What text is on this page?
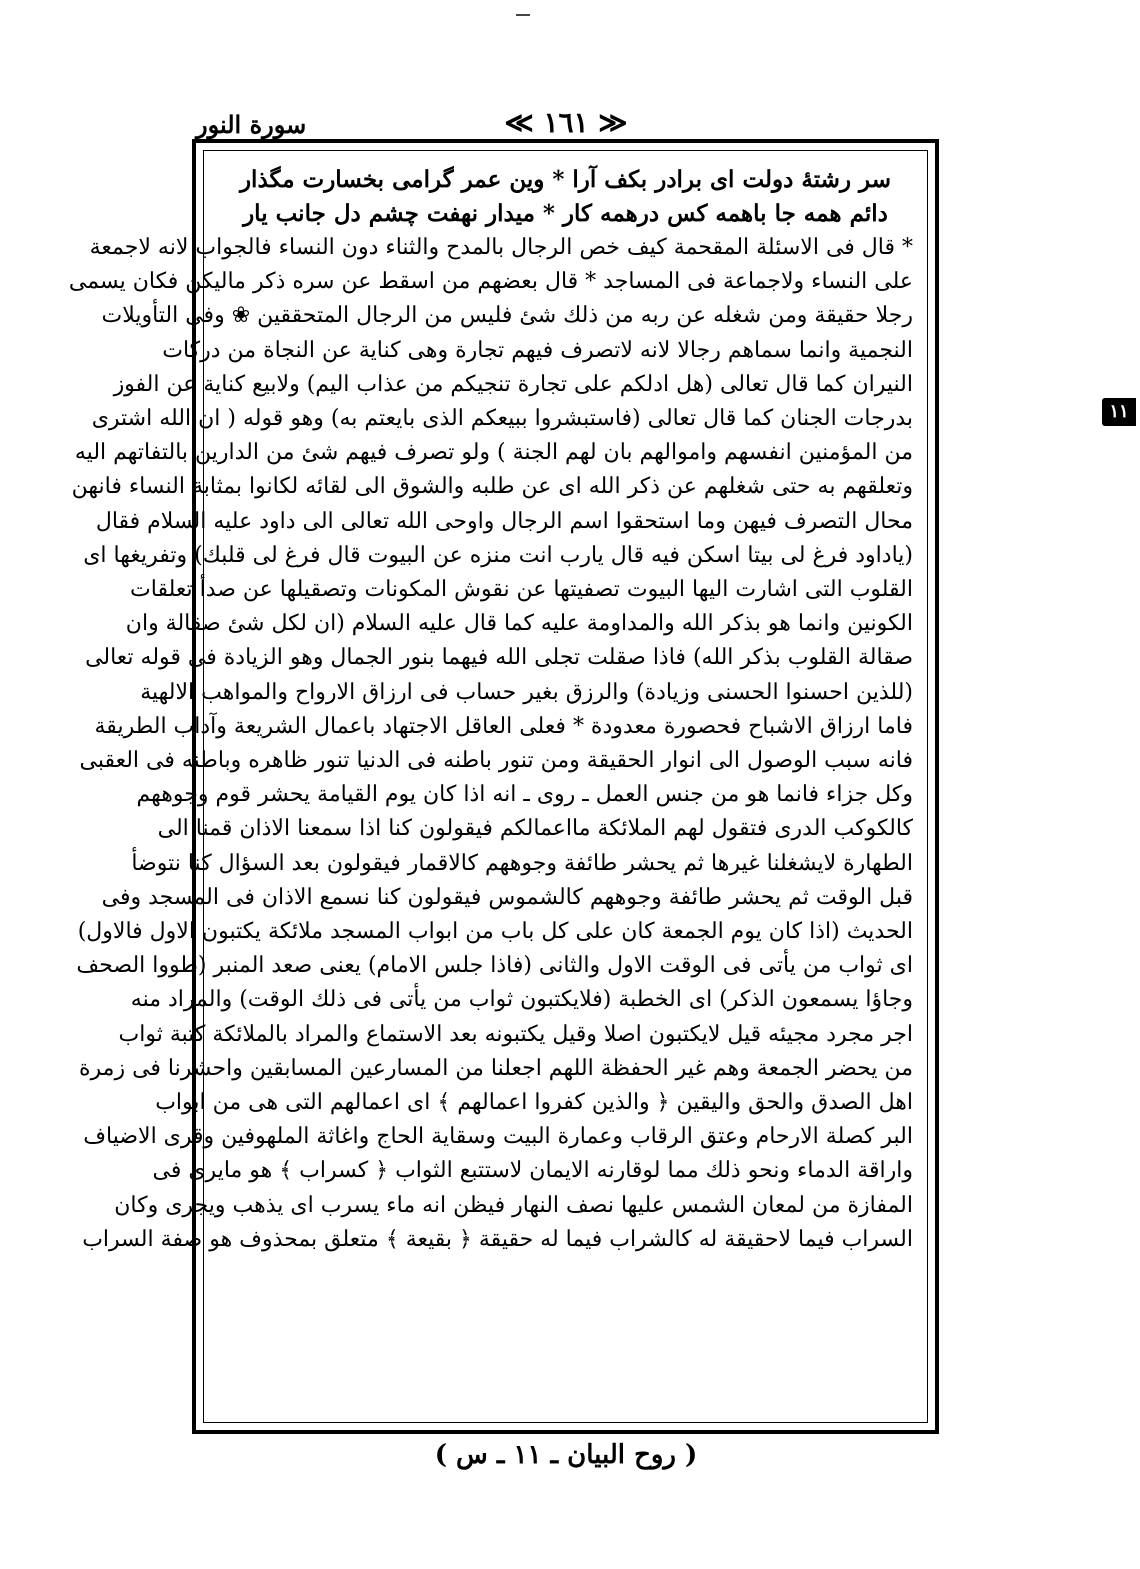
≪ ١٦١ ≫
سورة النور
١١
سر رشتهٔ دولت ای برادر بکف آرا * وین عمر گرامی بخسارت مگذار
دائم همه جا باهمه کس درهمه کار * میدار نهفت چشم دل جانب یار
* قال فى الاسئلة المقحمة كيف خص الرجال بالمدح والثناء دون النساء فالجواب لانه لاجمعة
على النساء ولاجماعة فى المساجد * قال بعضهم من اسقط عن سره ذكر ماليكن فكان يسمى
رجلا حقيقة ومن شغله عن ربه من ذلك شئ فليس من الرجال المتحققين ❀ وفى التأويلات
النجمية وانما سماهم رجالا لانه لاتصرف فيهم تجارة وهى كناية عن النجاة من دركات
النيران كما قال تعالى (هل ادلكم على تجارة تنجيكم من عذاب اليم) ولابيع كناية عن الفوز
بدرجات الجنان كما قال تعالى (فاستبشروا ببيعكم الذى بايعتم به) وهو قوله ( ان الله اشترى
من المؤمنين انفسهم واموالهم بان لهم الجنة ) ولو تصرف فيهم شئ من الدارين بالتفاتهم اليه
وتعلقهم به حتى شغلهم عن ذكر الله اى عن طلبه والشوق الى لقائه لكانوا بمثابة النساء فانهن
محال التصرف فيهن وما استحقوا اسم الرجال واوحى الله تعالى الى داود عليه السلام فقال
(ياداود فرغ لى بيتا اسكن فيه قال يارب انت منزه عن البيوت قال فرغ لى قلبك) وتفريغها اى
القلوب التى اشارت اليها البيوت تصفيتها عن نقوش المكونات وتصقيلها عن صدأ تعلقات
الكونين وانما هو بذكر الله والمداومة عليه كما قال عليه السلام (ان لكل شئ صقالة وان
صقالة القلوب بذكر الله) فاذا صقلت تجلى الله فيهما بنور الجمال وهو الزيادة فى قوله تعالى
(للذين احسنوا الحسنى وزيادة) والرزق بغير حساب فى ارزاق الارواح والمواهب الالهية
فاما ارزاق الاشباح فحصورة معدودة * فعلى العاقل الاجتهاد باعمال الشريعة وآداب الطريقة
فانه سبب الوصول الى انوار الحقيقة ومن تنور باطنه فى الدنيا تنور ظاهره وباطنه فى العقبى
وكل جزاء فانما هو من جنس العمل ـ روى ـ انه اذا كان يوم القيامة يحشر قوم وجوههم
كالكوكب الدرى فتقول لهم الملائكة مااعمالكم فيقولون كنا اذا سمعنا الاذان قمنا الى
الطهارة لايشغلنا غيرها ثم يحشر طائفة وجوههم كالاقمار فيقولون بعد السؤال كنا نتوضأ
قبل الوقت ثم يحشر طائفة وجوههم كالشموس فيقولون كنا نسمع الاذان فى المسجد وفى
الحديث (اذا كان يوم الجمعة كان على كل باب من ابواب المسجد ملائكة يكتبون الاول فالاول)
اى ثواب من يأتى فى الوقت الاول والثانى (فاذا جلس الامام) يعنى صعد المنبر (طووا الصحف
وجاؤا يسمعون الذكر) اى الخطبة (فلايكتبون ثواب من يأتى فى ذلك الوقت) والمراد منه
اجر مجرد مجيئه قيل لايكتبون اصلا وقيل يكتبونه بعد الاستماع والمراد بالملائكة كتبة ثواب
من يحضر الجمعة وهم غير الحفظة اللهم اجعلنا من المسارعين المسابقين واحشرنا فى زمرة
اهل الصدق والحق واليقين ﴿ والذين كفروا اعمالهم ﴾ اى اعمالهم التى هى من ابواب
البر كصلة الارحام وعتق الرقاب وعمارة البيت وسقاية الحاج واغاثة الملهوفين وقرى الاضياف
واراقة الدماء ونحو ذلك مما لوقارنه الايمان لاستتبع الثواب ﴿ كسراب ﴾ هو مايرى فى
المفازة من لمعان الشمس عليها نصف النهار فيظن انه ماء يسرب اى يذهب ويجرى وكان
السراب فيما لاحقيقة له كالشراب فيما له حقيقة ﴿ بقيعة ﴾ متعلق بمحذوف هو صفة السراب
( روح البيان ـ ١١ ـ س )
